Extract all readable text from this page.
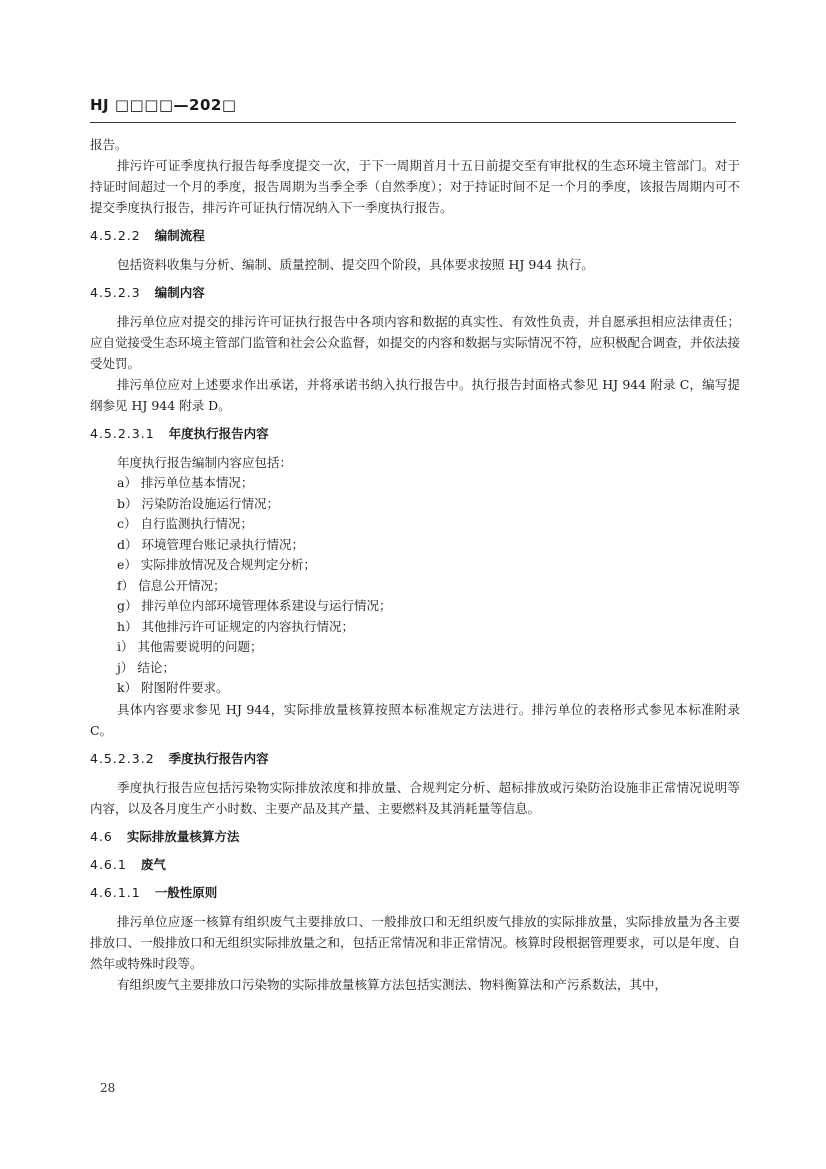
HJ □□□□—202□

报告。

排污许可证季度执行报告每季度提交一次，于下一周期首月十五日前提交至有审批权的生态环境主管部门。对于持证时间超过一个月的季度，报告周期为当季全季（自然季度）；对于持证时间不足一个月的季度，该报告周期内可不提交季度执行报告，排污许可证执行情况纳入下一季度执行报告。

4.5.2.2 编制流程

包括资料收集与分析、编制、质量控制、提交四个阶段，具体要求按照 HJ 944 执行。

4.5.2.3 编制内容

排污单位应对提交的排污许可证执行报告中各项内容和数据的真实性、有效性负责，并自愿承担相应法律责任；应自觉接受生态环境主管部门监管和社会公众监督，如提交的内容和数据与实际情况不符，应积极配合调查，并依法接受处罚。

排污单位应对上述要求作出承诺，并将承诺书纳入执行报告中。执行报告封面格式参见 HJ 944 附录 C，编写提纲参见 HJ 944 附录 D。

4.5.2.3.1 年度执行报告内容

年度执行报告编制内容应包括：

a） 排污单位基本情况；
b） 污染防治设施运行情况；
c） 自行监测执行情况；
d） 环境管理台账记录执行情况；
e） 实际排放情况及合规判定分析；
f） 信息公开情况；
g） 排污单位内部环境管理体系建设与运行情况；
h） 其他排污许可证规定的内容执行情况；
i） 其他需要说明的问题；
j） 结论；
k） 附图附件要求。

具体内容要求参见 HJ 944，实际排放量核算按照本标准规定方法进行。排污单位的表格形式参见本标准附录 C。

4.5.2.3.2 季度执行报告内容

季度执行报告应包括污染物实际排放浓度和排放量、合规判定分析、超标排放或污染防治设施非正常情况说明等内容，以及各月度生产小时数、主要产品及其产量、主要燃料及其消耗量等信息。

4.6 实际排放量核算方法
4.6.1 废气
4.6.1.1 一般性原则

排污单位应逐一核算有组织废气主要排放口、一般排放口和无组织废气排放的实际排放量，实际排放量为各主要排放口、一般排放口和无组织实际排放量之和，包括正常情况和非正常情况。核算时段根据管理要求，可以是年度、自然年或特殊时段等。

有组织废气主要排放口污染物的实际排放量核算方法包括实测法、物料衡算法和产污系数法，其中，

28
